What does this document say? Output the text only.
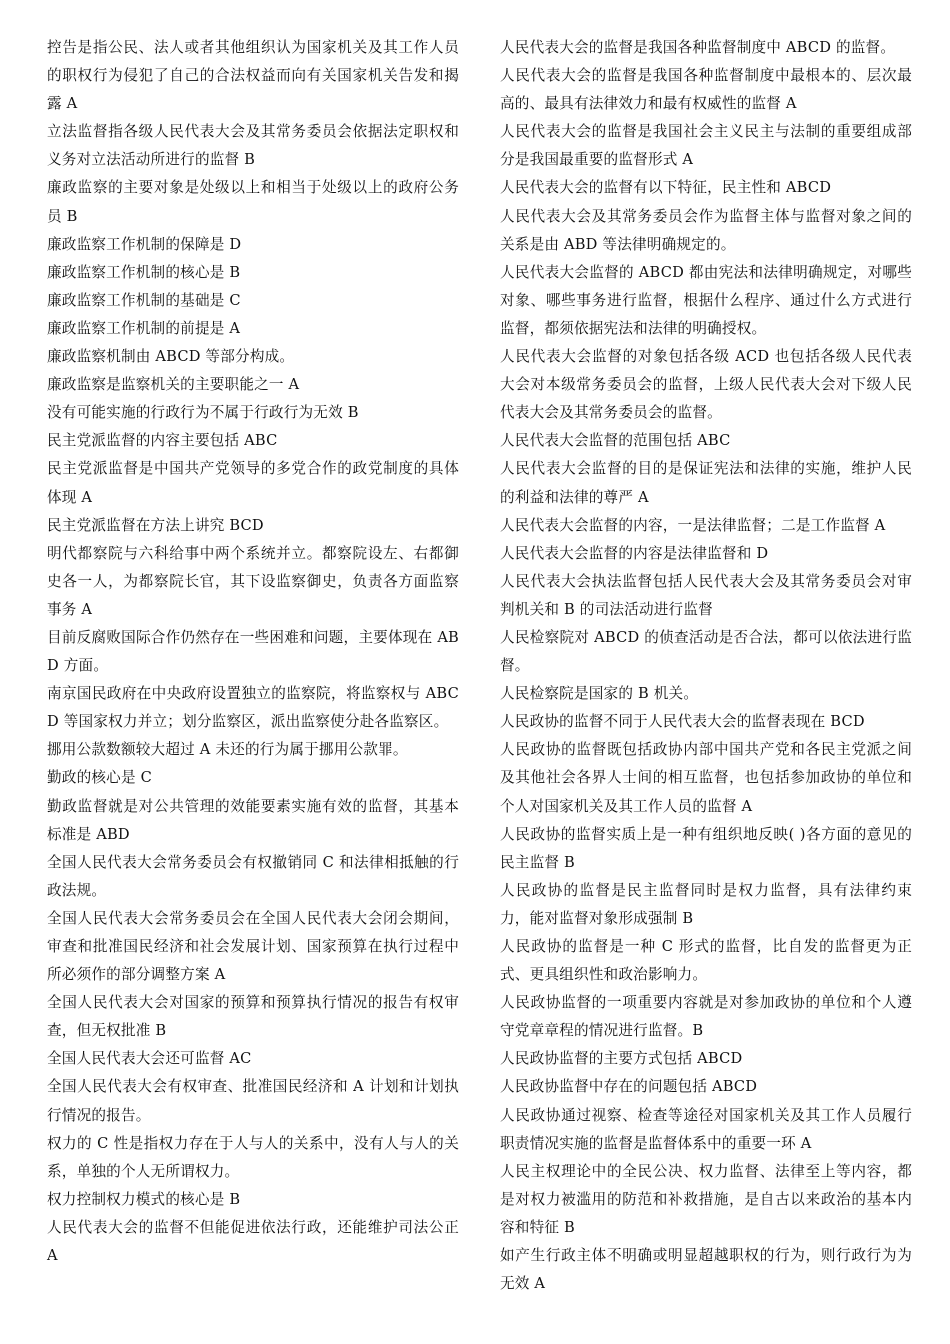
控告是指公民、法人或者其他组织认为国家机关及其工作人员的职权行为侵犯了自己的合法权益而向有关国家机关告发和揭露 A

立法监督指各级人民代表大会及其常务委员会依据法定职权和义务对立法活动所进行的监督 B

廉政监察的主要对象是处级以上和相当于处级以上的政府公务员 B

廉政监察工作机制的保障是 D

廉政监察工作机制的核心是 B

廉政监察工作机制的基础是 C

廉政监察工作机制的前提是 A

廉政监察机制由 ABCD 等部分构成。

廉政监察是监察机关的主要职能之一 A

没有可能实施的行政行为不属于行政行为无效 B

民主党派监督的内容主要包括 ABC

民主党派监督是中国共产党领导的多党合作的政党制度的具体体现 A

民主党派监督在方法上讲究 BCD

明代都察院与六科给事中两个系统并立。都察院设左、右都御史各一人，为都察院长官，其下设监察御史，负责各方面监察事务 A

目前反腐败国际合作仍然存在一些困难和问题，主要体现在 ABD 方面。

南京国民政府在中央政府设置独立的监察院，将监察权与 ABCD 等国家权力并立；划分监察区，派出监察使分赴各监察区。

挪用公款数额较大超过 A 未还的行为属于挪用公款罪。

勤政的核心是 C

勤政监督就是对公共管理的效能要素实施有效的监督，其基本标准是 ABD

全国人民代表大会常务委员会有权撤销同 C 和法律相抵触的行政法规。

全国人民代表大会常务委员会在全国人民代表大会闭会期间，审查和批准国民经济和社会发展计划、国家预算在执行过程中所必须作的部分调整方案 A

全国人民代表大会对国家的预算和预算执行情况的报告有权审查，但无权批准 B

全国人民代表大会还可监督 AC

全国人民代表大会有权审查、批准国民经济和 A 计划和计划执行情况的报告。

权力的 C 性是指权力存在于人与人的关系中，没有人与人的关系，单独的个人无所谓权力。

权力控制权力模式的核心是 B

人民代表大会的监督不但能促进依法行政，还能维护司法公正 A

人民代表大会的监督是我国各种监督制度中 ABCD 的监督。

人民代表大会的监督是我国各种监督制度中最根本的、层次最高的、最具有法律效力和最有权威性的监督 A

人民代表大会的监督是我国社会主义民主与法制的重要组成部分是我国最重要的监督形式 A

人民代表大会的监督有以下特征，民主性和 ABCD

人民代表大会及其常务委员会作为监督主体与监督对象之间的关系是由 ABD 等法律明确规定的。

人民代表大会监督的 ABCD 都由宪法和法律明确规定，对哪些对象、哪些事务进行监督，根据什么程序、通过什么方式进行监督，都须依据宪法和法律的明确授权。

人民代表大会监督的对象包括各级 ACD 也包括各级人民代表大会对本级常务委员会的监督，上级人民代表大会对下级人民代表大会及其常务委员会的监督。

人民代表大会监督的范围包括 ABC

人民代表大会监督的目的是保证宪法和法律的实施，维护人民的利益和法律的尊严 A

人民代表大会监督的内容，一是法律监督；二是工作监督 A

人民代表大会监督的内容是法律监督和 D

人民代表大会执法监督包括人民代表大会及其常务委员会对审判机关和 B 的司法活动进行监督

人民检察院对 ABCD 的侦查活动是否合法，都可以依法进行监督。

人民检察院是国家的 B 机关。

人民政协的监督不同于人民代表大会的监督表现在 BCD

人民政协的监督既包括政协内部中国共产党和各民主党派之间及其他社会各界人士间的相互监督，也包括参加政协的单位和个人对国家机关及其工作人员的监督 A

人民政协的监督实质上是一种有组织地反映( )各方面的意见的民主监督 B

人民政协的监督是民主监督同时是权力监督，具有法律约束力，能对监督对象形成强制 B

人民政协的监督是一种 C 形式的监督，比自发的监督更为正式、更具组织性和政治影响力。

人民政协监督的一项重要内容就是对参加政协的单位和个人遵守党章章程的情况进行监督。B

人民政协监督的主要方式包括 ABCD

人民政协监督中存在的问题包括 ABCD

人民政协通过视察、检查等途径对国家机关及其工作人员履行职责情况实施的监督是监督体系中的重要一环 A

人民主权理论中的全民公决、权力监督、法律至上等内容，都是对权力被滥用的防范和补救措施，是自古以来政治的基本内容和特征 B

如产生行政主体不明确或明显超越职权的行为，则行政行为为无效 A
